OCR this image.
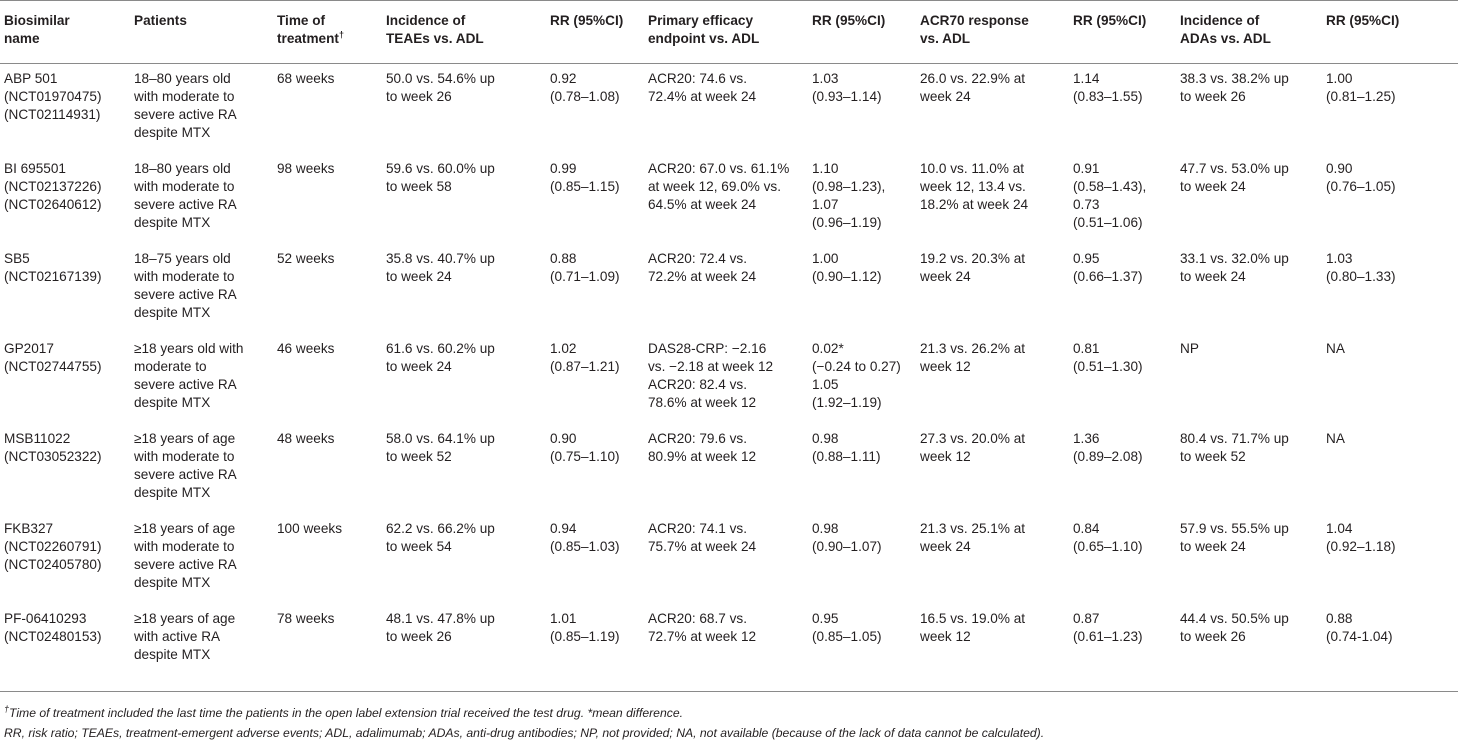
Biosimilar
name	Patients	Time of
treatment†	Incidence of
TEAEs vs. ADL	RR (95%CI)	Primary efficacy
endpoint vs. ADL	RR (95%CI)	ACR70 response
vs. ADL	RR (95%CI)	Incidence of
ADAs vs. ADL	RR (95%CI)

ABP 501
(NCT01970475)
(NCT02114931)	18–80 years old
with moderate to
severe active RA
despite MTX	68 weeks	50.0 vs. 54.6% up
to week 26	0.92
(0.78–1.08)	ACR20: 74.6 vs.
72.4% at week 24	1.03
(0.93–1.14)	26.0 vs. 22.9% at
week 24	1.14
(0.83–1.55)	38.3 vs. 38.2% up
to week 26	1.00
(0.81–1.25)

BI 695501
(NCT02137226)
(NCT02640612)	18–80 years old
with moderate to
severe active RA
despite MTX	98 weeks	59.6 vs. 60.0% up
to week 58	0.99
(0.85–1.15)	ACR20: 67.0 vs. 61.1%
at week 12, 69.0% vs.
64.5% at week 24	1.10
(0.98–1.23),
1.07
(0.96–1.19)	10.0 vs. 11.0% at
week 12, 13.4 vs.
18.2% at week 24	0.91
(0.58–1.43),
0.73
(0.51–1.06)	47.7 vs. 53.0% up
to week 24	0.90
(0.76–1.05)

SB5
(NCT02167139)	18–75 years old
with moderate to
severe active RA
despite MTX	52 weeks	35.8 vs. 40.7% up
to week 24	0.88
(0.71–1.09)	ACR20: 72.4 vs.
72.2% at week 24	1.00
(0.90–1.12)	19.2 vs. 20.3% at
week 24	0.95
(0.66–1.37)	33.1 vs. 32.0% up
to week 24	1.03
(0.80–1.33)

GP2017
(NCT02744755)	≥18 years old with
moderate to
severe active RA
despite MTX	46 weeks	61.6 vs. 60.2% up
to week 24	1.02
(0.87–1.21)	DAS28-CRP: −2.16
vs. −2.18 at week 12
ACR20: 82.4 vs.
78.6% at week 12	0.02*
(−0.24 to 0.27)
1.05
(1.92–1.19)	21.3 vs. 26.2% at
week 12	0.81
(0.51–1.30)	NP	NA

MSB11022
(NCT03052322)	≥18 years of age
with moderate to
severe active RA
despite MTX	48 weeks	58.0 vs. 64.1% up
to week 52	0.90
(0.75–1.10)	ACR20: 79.6 vs.
80.9% at week 12	0.98
(0.88–1.11)	27.3 vs. 20.0% at
week 12	1.36
(0.89–2.08)	80.4 vs. 71.7% up
to week 52	NA

FKB327
(NCT02260791)
(NCT02405780)	≥18 years of age
with moderate to
severe active RA
despite MTX	100 weeks	62.2 vs. 66.2% up
to week 54	0.94
(0.85–1.03)	ACR20: 74.1 vs.
75.7% at week 24	0.98
(0.90–1.07)	21.3 vs. 25.1% at
week 24	0.84
(0.65–1.10)	57.9 vs. 55.5% up
to week 24	1.04
(0.92–1.18)

PF-06410293
(NCT02480153)	≥18 years of age
with active RA
despite MTX	78 weeks	48.1 vs. 47.8% up
to week 26	1.01
(0.85–1.19)	ACR20: 68.7 vs.
72.7% at week 12	0.95
(0.85–1.05)	16.5 vs. 19.0% at
week 12	0.87
(0.61–1.23)	44.4 vs. 50.5% up
to week 26	0.88
(0.74-1.04)
†Time of treatment included the last time the patients in the open label extension trial received the test drug. *mean difference.
RR, risk ratio; TEAEs, treatment-emergent adverse events; ADL, adalimumab; ADAs, anti-drug antibodies; NP, not provided; NA, not available (because of the lack of data cannot be calculated).
